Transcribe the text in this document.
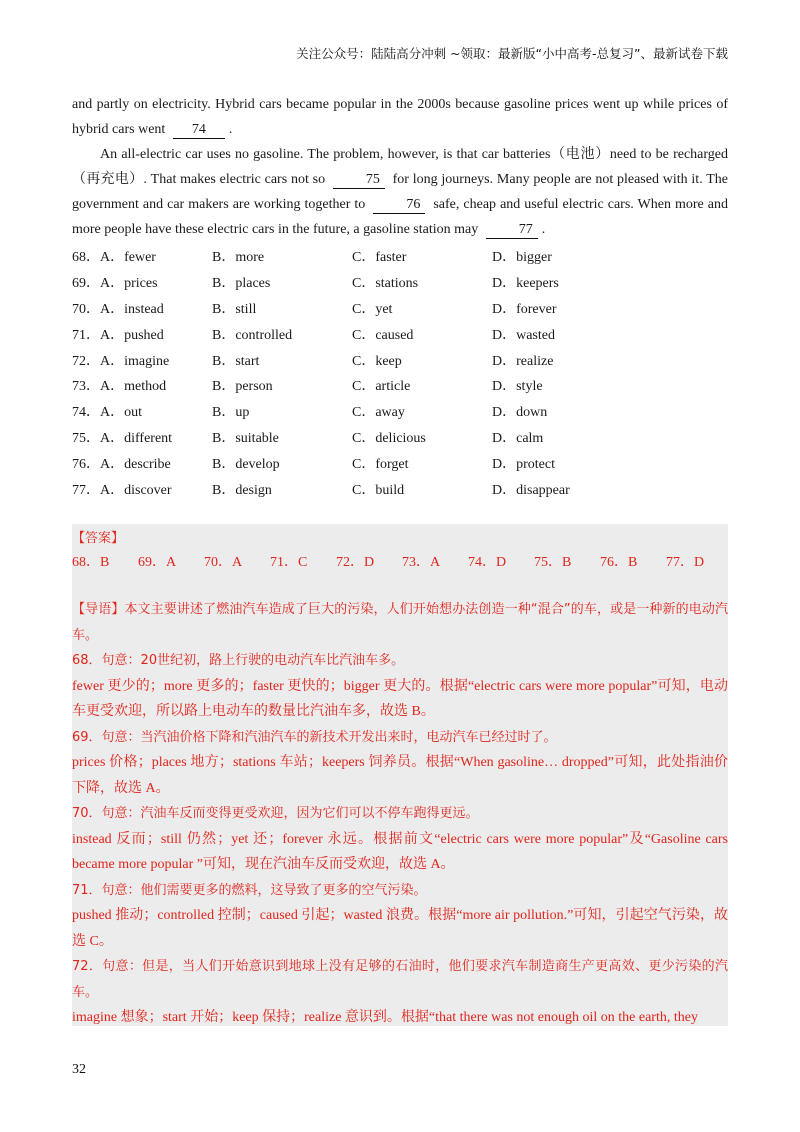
关注公众号：陆陆高分冲刺 ~领取：最新版“小中高考-总复习”、最新试卷下载

and partly on electricity. Hybrid cars became popular in the 2000s because gasoline prices went up while prices of hybrid cars went 74 .

An all-electric car uses no gasoline. The problem, however, is that car batteries（电池）need to be recharged（再充电）. That makes electric cars not so	75 for long journeys. Many people are not pleased with it. The government and car makers are working together to	76 safe, cheap and useful electric cars. When more and more people have these electric cars in the future, a gasoline station may	77 .

68．A．fewer	B．more	C．faster	D．bigger
69．A．prices	B．places	C．stations	D．keepers
70．A．instead	B．still	C．yet	D．forever
71．A．pushed	B．controlled	C．caused	D．wasted
72．A．imagine	B．start	C．keep	D．realize
73．A．method	B．person	C．article	D．style
74．A．out	B．up	C．away	D．down
75．A．different	B．suitable	C．delicious	D．calm
76．A．describe	B．develop	C．forget	D．protect
77．A．discover	B．design	C．build	D．disappear
【答案】
68．B	69．A	70．A	71．C	72．D	73．A	74．D	75．B	76．B	77．D

【导语】本文主要讲述了燃油汽车造成了巨大的污染，人们开始想办法创造一种“混合”的车，或是一种新的电动汽车。

68．句意：20世纪初，路上行驶的电动汽车比汽油车多。

fewer 更少的；more 更多的；faster 更快的；bigger 更大的。根据“electric cars were more popular”可知，电动车更受欢迎，所以路上电动车的数量比汽油车多，故选 B。

69．句意：当汽油价格下降和汽油汽车的新技术开发出来时，电动汽车已经过时了。

prices 价格；places 地方；stations 车站；keepers 饲养员。根据“When gasoline… dropped”可知，此处指油价下降，故选 A。

70．句意：汽油车反而变得更受欢迎，因为它们可以不停车跑得更远。

instead 反而；still 仍然；yet 还；forever 永远。根据前文“electric cars were more popular”及“Gasoline cars became more popular ”可知，现在汽油车反而受欢迎，故选 A。

71．句意：他们需要更多的燃料，这导致了更多的空气污染。

pushed 推动；controlled 控制；caused 引起；wasted 浪费。根据“more air pollution.”可知，引起空气污染，故选 C。

72．句意：但是，当人们开始意识到地球上没有足够的石油时，他们要求汽车制造商生产更高效、更少污染的汽车。

imagine 想象；start 开始；keep 保持；realize 意识到。根据“that there was not enough oil on the earth, they

32
